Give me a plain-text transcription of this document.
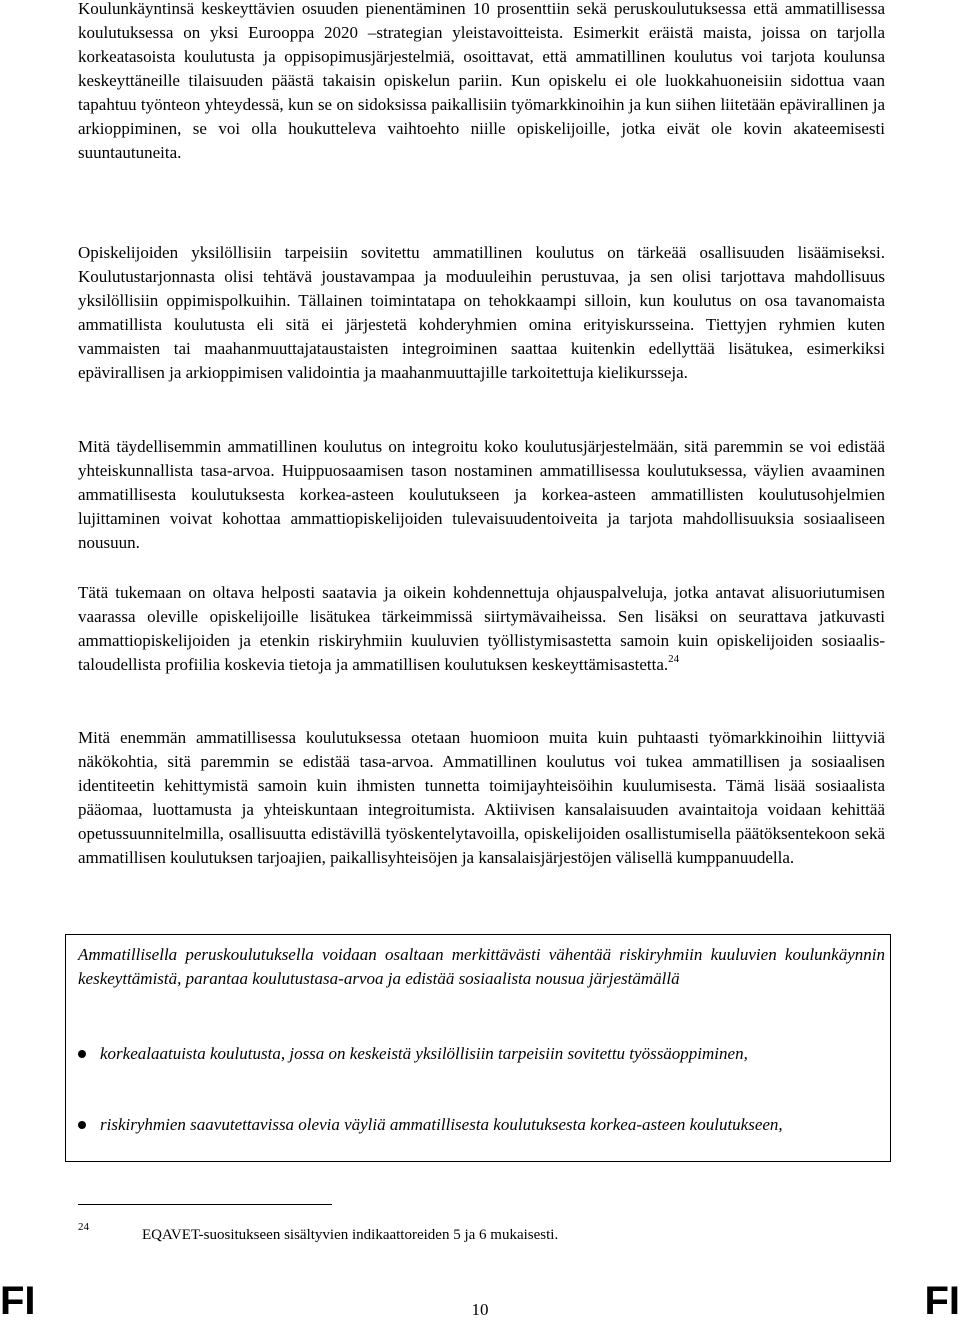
Koulunkäyntinsä keskeyttävien osuuden pienentäminen 10 prosenttiin sekä peruskoulutuksessa että ammatillisessa koulutuksessa on yksi Eurooppa 2020 –strategian yleistavoitteista. Esimerkit eräistä maista, joissa on tarjolla korkeatasoista koulutusta ja oppisopimusjärjestelmiä, osoittavat, että ammatillinen koulutus voi tarjota koulunsa keskeyttäneille tilaisuuden päästä takaisin opiskelun pariin. Kun opiskelu ei ole luokkahuoneisiin sidottua vaan tapahtuu työnteon yhteydessä, kun se on sidoksissa paikallisiin työmarkkinoihin ja kun siihen liitetään epävirallinen ja arkioppiminen, se voi olla houkutteleva vaihtoehto niille opiskelijoille, jotka eivät ole kovin akateemisesti suuntautuneita.

Opiskelijoiden yksilöllisiin tarpeisiin sovitettu ammatillinen koulutus on tärkeää osallisuuden lisäämiseksi. Koulutustarjonnasta olisi tehtävä joustavampaa ja moduuleihin perustuvaa, ja sen olisi tarjottava mahdollisuus yksilöllisiin oppimispolkuihin. Tällainen toimintatapa on tehokkaampi silloin, kun koulutus on osa tavanomaista ammatillista koulutusta eli sitä ei järjestetä kohderyhmien omina erityiskursseina. Tiettyjen ryhmien kuten vammaisten tai maahanmuuttajataustaisten integroiminen saattaa kuitenkin edellyttää lisätukea, esimerkiksi epävirallisen ja arkioppimisen validointia ja maahanmuuttajille tarkoitettuja kielikursseja.

Mitä täydellisemmin ammatillinen koulutus on integroitu koko koulutusjärjestelmään, sitä paremmin se voi edistää yhteiskunnallista tasa-arvoa. Huippuosaamisen tason nostaminen ammatillisessa koulutuksessa, väylien avaaminen ammatillisesta koulutuksesta korkea-asteen koulutukseen ja korkea-asteen ammatillisten koulutusohjelmien lujittaminen voivat kohottaa ammattiopiskelijoiden tulevaisuudentoiveita ja tarjota mahdollisuuksia sosiaaliseen nousuun.

Tätä tukemaan on oltava helposti saatavia ja oikein kohdennettuja ohjauspalveluja, jotka antavat alisuoriutumisen vaarassa oleville opiskelijoille lisätukea tärkeimmissä siirtymävaiheissa. Sen lisäksi on seurattava jatkuvasti ammattiopiskelijoiden ja etenkin riskiryhmiin kuuluvien työllistymisastetta samoin kuin opiskelijoiden sosiaalis-taloudellista profiilia koskevia tietoja ja ammatillisen koulutuksen keskeyttämisastetta.$^{24}$

Mitä enemmän ammatillisessa koulutuksessa otetaan huomioon muita kuin puhtaasti työmarkkinoihin liittyviä näkökohtia, sitä paremmin se edistää tasa-arvoa. Ammatillinen koulutus voi tukea ammatillisen ja sosiaalisen identiteetin kehittymistä samoin kuin ihmisten tunnetta toimijayhteisöihin kuulumisesta. Tämä lisää sosiaalista pääomaa, luottamusta ja yhteiskuntaan integroitumista. Aktiivisen kansalaisuuden avaintaitoja voidaan kehittää opetussuunnitelmilla, osallisuutta edistävillä työskentelytavoilla, opiskelijoiden osallistumisella päätöksentekoon sekä ammatillisen koulutuksen tarjoajien, paikallisyhteisöjen ja kansalaisjärjestöjen välisellä kumppanuudella.

Ammatillisella peruskoulutuksella voidaan osaltaan merkittävästi vähentää riskiryhmiin kuuluvien koulunkäynnin keskeyttämistä, parantaa koulutustasa-arvoa ja edistää sosiaalista nousua järjestämällä

korkealaatuista koulutusta, jossa on keskeistä yksilöllisiin tarpeisiin sovitettu työssäoppiminen,

riskiryhmien saavutettavissa olevia väyliä ammatillisesta koulutuksesta korkea-asteen koulutukseen,

24	EQAVET-suositukseen sisältyvien indikaattoreiden 5 ja 6 mukaisesti.
FI	10	FI
